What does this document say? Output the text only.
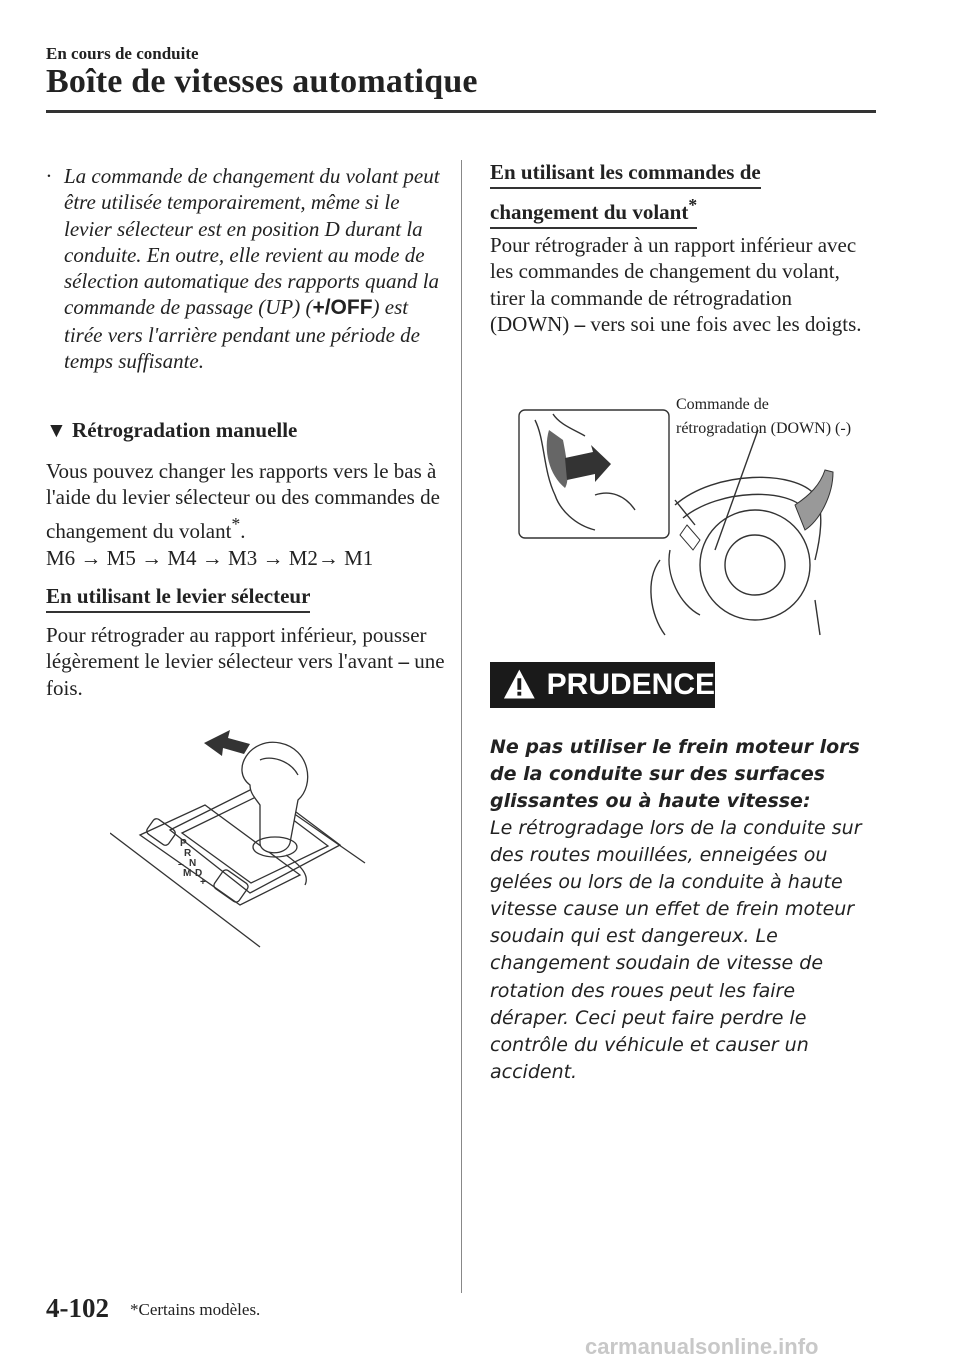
En cours de conduite
Boîte de vitesses automatique
· La commande de changement du volant peut être utilisée temporairement, même si le levier sélecteur est en position D durant la conduite. En outre, elle revient au mode de sélection automatique des rapports quand la commande de passage (UP) (+/OFF) est tirée vers l'arrière pendant une période de temps suffisante.
▼ Rétrogradation manuelle
Vous pouvez changer les rapports vers le bas à l'aide du levier sélecteur ou des commandes de changement du volant*.
M6 → M5 → M4 → M3 → M2→ M1
En utilisant le levier sélecteur
Pour rétrograder au rapport inférieur, pousser légèrement le levier sélecteur vers l'avant – une fois.
P
R
N
D
M
+
–
En utilisant les commandes de
changement du volant*
Pour rétrograder à un rapport inférieur avec les commandes de changement du volant, tirer la commande de rétrogradation (DOWN) – vers soi une fois avec les doigts.
Commande de
rétrogradation (DOWN) (-)
PRUDENCE
Ne pas utiliser le frein moteur lors de la conduite sur des surfaces glissantes ou à haute vitesse:
Le rétrogradage lors de la conduite sur des routes mouillées, enneigées ou gelées ou lors de la conduite à haute vitesse cause un effet de frein moteur soudain qui est dangereux. Le changement soudain de vitesse de rotation des roues peut les faire déraper. Ceci peut faire perdre le contrôle du véhicule et causer un accident.
4-102 *Certains modèles.
carmanualsonline.info
